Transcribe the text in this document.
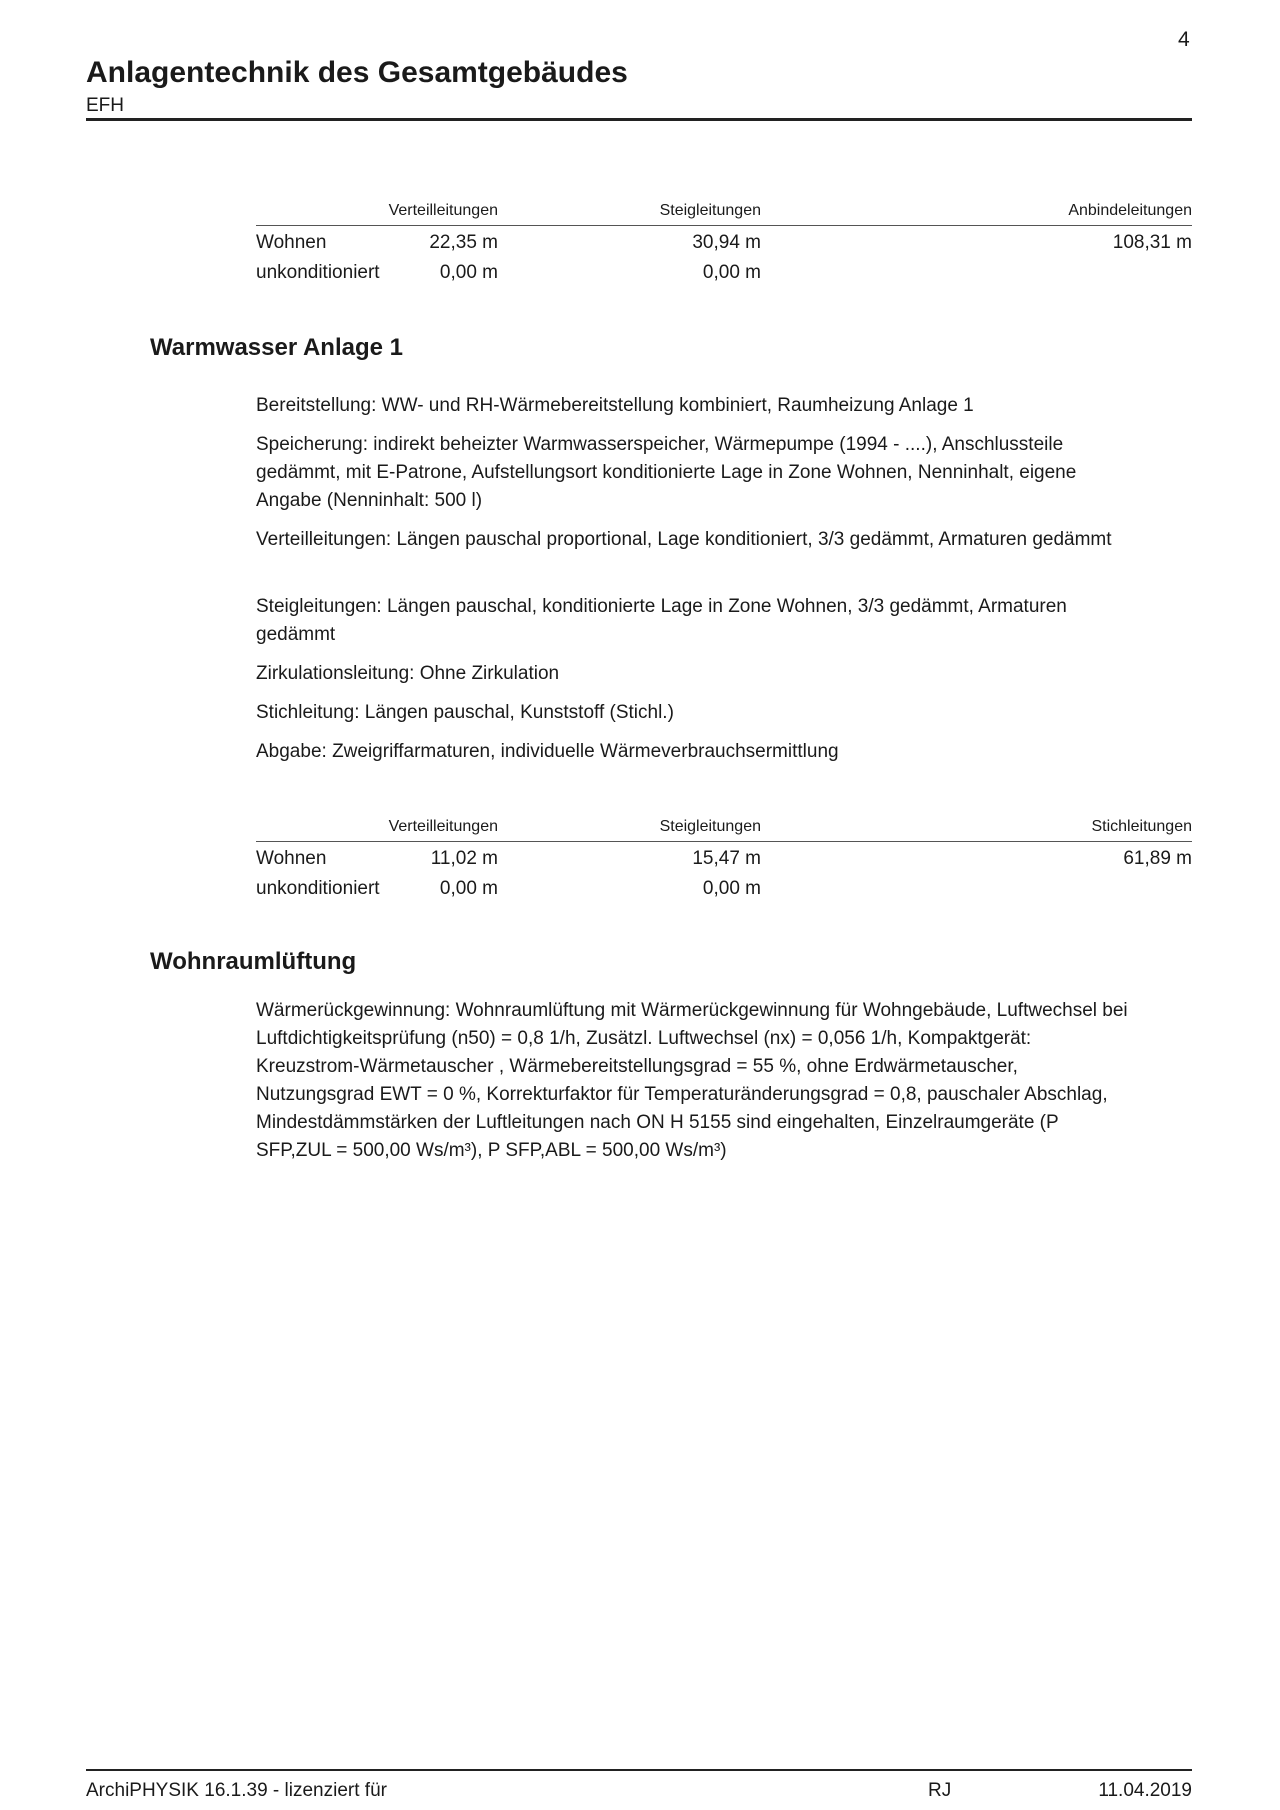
4
Anlagentechnik des Gesamtgebäudes
EFH
Verteilleitungen	Steigleitungen	Anbindeleitungen
Wohnen	22,35 m	30,94 m	108,31 m
unkonditioniert	0,00 m	0,00 m
Warmwasser Anlage 1

Bereitstellung: WW- und RH-Wärmebereitstellung kombiniert, Raumheizung Anlage 1

Speicherung: indirekt beheizter Warmwasserspeicher, Wärmepumpe (1994 - ....), Anschlussteile gedämmt, mit E-Patrone, Aufstellungsort konditionierte Lage in Zone Wohnen, Nenninhalt, eigene Angabe (Nenninhalt: 500 l)

Verteilleitungen: Längen pauschal proportional, Lage konditioniert, 3/3 gedämmt, Armaturen gedämmt

Steigleitungen: Längen pauschal, konditionierte Lage in Zone Wohnen, 3/3 gedämmt, Armaturen gedämmt

Zirkulationsleitung: Ohne Zirkulation

Stichleitung: Längen pauschal, Kunststoff (Stichl.)

Abgabe: Zweigriffarmaturen, individuelle Wärmeverbrauchsermittlung

Verteilleitungen	Steigleitungen	Stichleitungen
Wohnen	11,02 m	15,47 m	61,89 m
unkonditioniert	0,00 m	0,00 m
Wohnraumlüftung

Wärmerückgewinnung: Wohnraumlüftung mit Wärmerückgewinnung für Wohngebäude, Luftwechsel bei Luftdichtigkeitsprüfung (n50) = 0,8 1/h, Zusätzl. Luftwechsel (nx) = 0,056 1/h, Kompaktgerät: Kreuzstrom-Wärmetauscher , Wärmebereitstellungsgrad = 55 %, ohne Erdwärmetauscher, Nutzungsgrad EWT = 0 %, Korrekturfaktor für Temperaturänderungsgrad = 0,8, pauschaler Abschlag, Mindestdämmstärken der Luftleitungen nach ON H 5155 sind eingehalten, Einzelraumgeräte (P SFP,ZUL = 500,00 Ws/m³), P SFP,ABL = 500,00 Ws/m³)

ArchiPHYSIK 16.1.39 - lizenziert für	RJ	11.04.2019
